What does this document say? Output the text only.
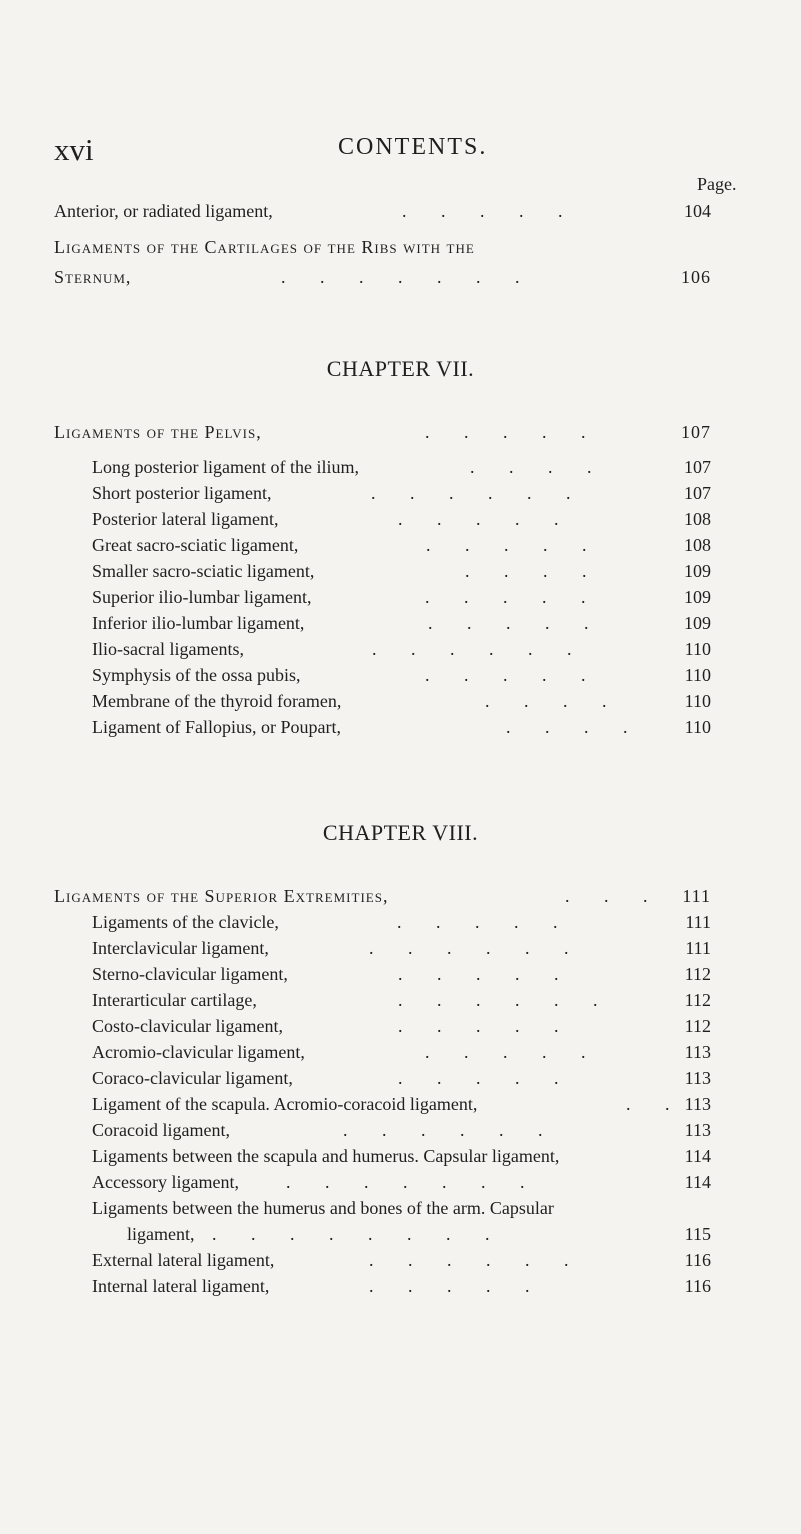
xvi	CONTENTS.
Page.
Anterior, or radiated ligament,	.     .     .     .     .	104
Ligaments of the Cartilages of the Ribs with the
Sternum,	.     .     .     .     .     .     .	106
CHAPTER VII.
Ligaments of the Pelvis,	.     .     .     .     .	107
Long posterior ligament of the ilium,	.     .     .     .	107
Short posterior ligament,	.     .     .     .     .     .	107
Posterior lateral ligament,	.     .     .     .     .	108
Great sacro-sciatic ligament,	.     .     .     .     .	108
Smaller sacro-sciatic ligament,	.     .     .     .	109
Superior ilio-lumbar ligament,	.     .     .     .     .	109
Inferior ilio-lumbar ligament,	.     .     .     .     .	109
Ilio-sacral ligaments,	.     .     .     .     .     .	110
Symphysis of the ossa pubis,	.     .     .     .     .	110
Membrane of the thyroid foramen,	.     .     .     .	110
Ligament of Fallopius, or Poupart,	.     .     .     .	110
CHAPTER VIII.
Ligaments of the Superior Extremities,	.     .     .	111
Ligaments of the clavicle,	.     .     .     .     .	111
Interclavicular ligament,	.     .     .     .     .     .	111
Sterno-clavicular ligament,	.     .     .     .     .	112
Interarticular cartilage,	.     .     .     .     .     .	112
Costo-clavicular ligament,	.     .     .     .     .	112
Acromio-clavicular ligament,	.     .     .     .     .	113
Coraco-clavicular ligament,	.     .     .     .     .	113
Ligament of the scapula. Acromio-coracoid ligament,	.     . 113
Coracoid ligament,	.     .     .     .     .     .	113
Ligaments between the scapula and humerus. Capsular ligament,	114
Accessory ligament,	.     .     .     .     .     .     .	114
Ligaments between the humerus and bones of the arm. Capsular
ligament, .     .     .     .     .     .     .     .	115
External lateral ligament,	.     .     .     .     .     .	116
Internal lateral ligament,	.     .     .     .     .	116
